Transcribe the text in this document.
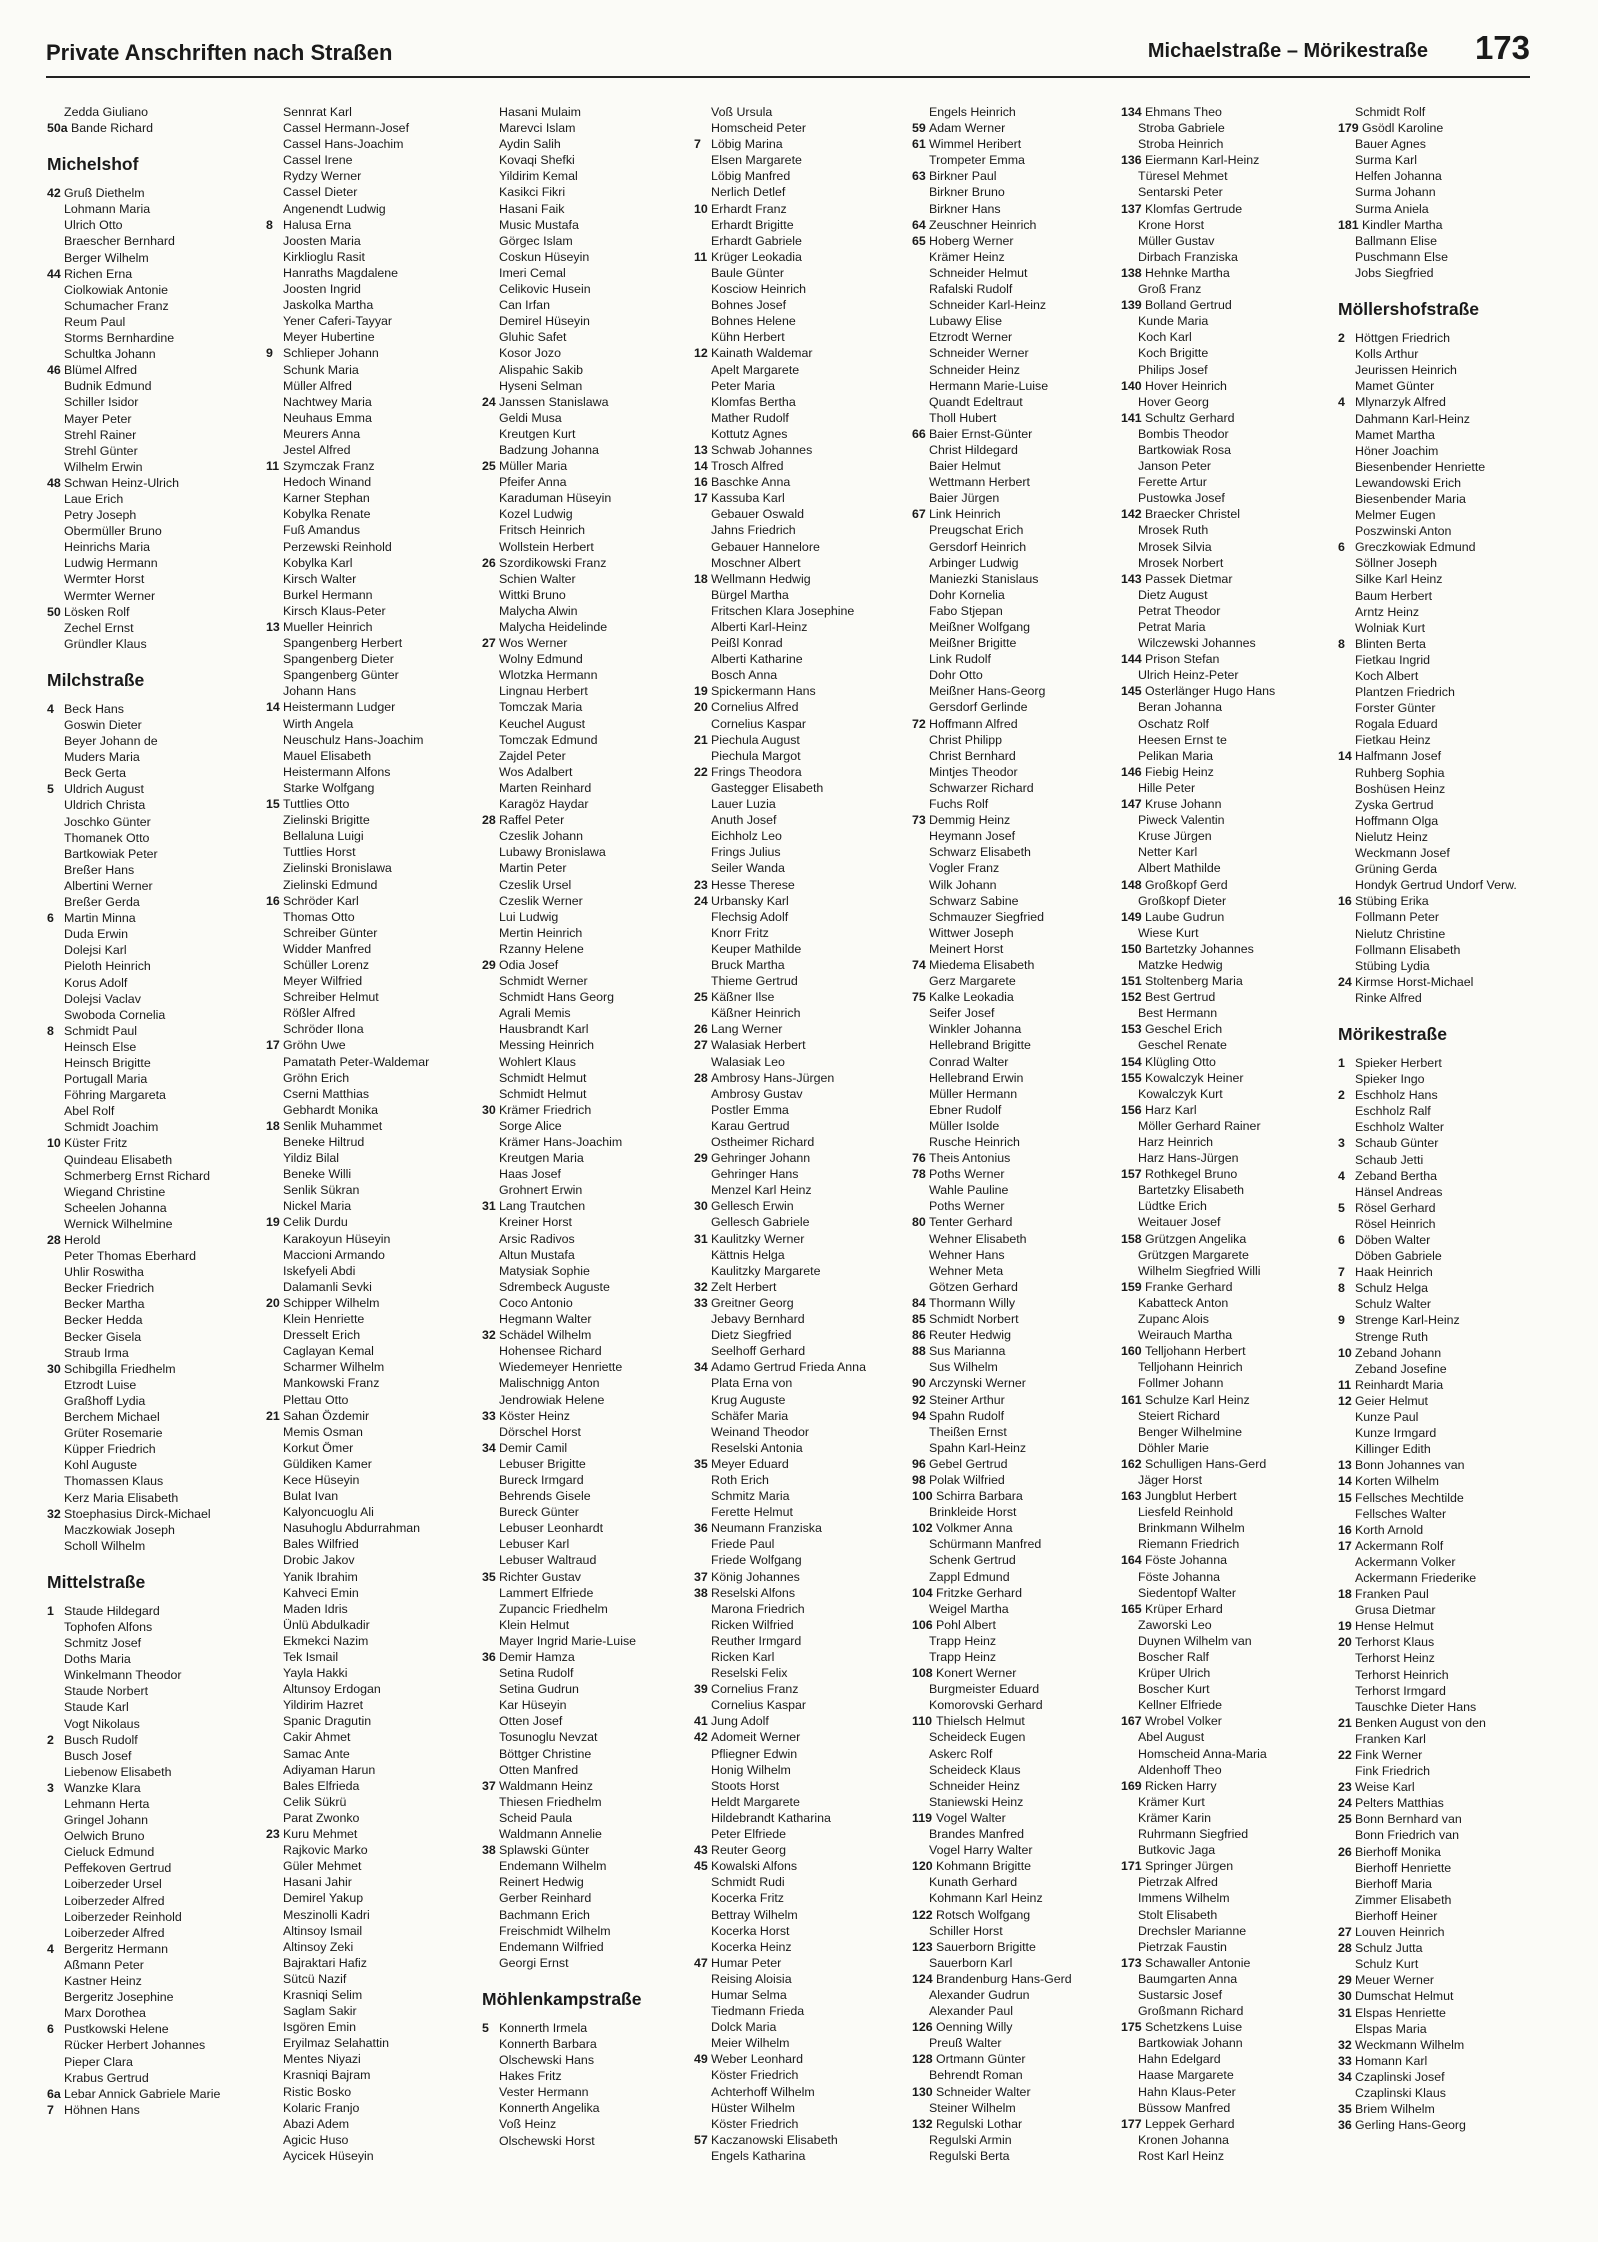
Private Anschriften nach Straßen	Michaelstraße – Mörikestraße 173
Zedda Giuliano
50a Bande Richard
Michelshof
42 Gruß Diethelm
Lohmann Maria
Ulrich Otto
Braescher Bernhard
Berger Wilhelm
44 Richen Erna
Ciolkowiak Antonie
Schumacher Franz
Reum Paul
Storms Bernhardine
Schultka Johann
46 Blümel Alfred
Budnik Edmund
Schiller Isidor
Mayer Peter
Strehl Rainer
Strehl Günter
Wilhelm Erwin
48 Schwan Heinz-Ulrich
Laue Erich
Petry Joseph
Obermüller Bruno
Heinrichs Maria
Ludwig Hermann
Wermter Horst
Wermter Werner
50 Lösken Rolf
Zechel Ernst
Gründler Klaus
Milchstraße
4 Beck Hans
Goswin Dieter
Beyer Johann de
Muders Maria
Beck Gerta
5 Uldrich August
Uldrich Christa
Joschko Günter
Thomanek Otto
Bartkowiak Peter
Breßer Hans
Albertini Werner
Breßer Gerda
6 Martin Minna
Duda Erwin
Dolejsi Karl
Pieloth Heinrich
Korus Adolf
Dolejsi Vaclav
Swoboda Cornelia
8 Schmidt Paul
Heinsch Else
Heinsch Brigitte
Portugall Maria
Föhring Margareta
Abel Rolf
Schmidt Joachim
10 Küster Fritz
Quindeau Elisabeth
Schmerberg Ernst Richard
Wiegand Christine
Scheelen Johanna
Wernick Wilhelmine
28 Herold
Peter Thomas Eberhard
Uhlir Roswitha
Becker Friedrich
Becker Martha
Becker Hedda
Becker Gisela
Straub Irma
30 Schibgilla Friedhelm
Etzrodt Luise
Graßhoff Lydia
Berchem Michael
Grüter Rosemarie
Küpper Friedrich
Kohl Auguste
Thomassen Klaus
Kerz Maria Elisabeth
32 Stoephasius Dirck-Michael
Maczkowiak Joseph
Scholl Wilhelm
Mittelstraße
1 Staude Hildegard
Tophofen Alfons
Schmitz Josef
Doths Maria
Winkelmann Theodor
Staude Norbert
Staude Karl
Vogt Nikolaus
2 Busch Rudolf
Busch Josef
Liebenow Elisabeth
3 Wanzke Klara
Lehmann Herta
Gringel Johann
Oelwich Bruno
Cieluck Edmund
Peffekoven Gertrud
Loiberzeder Ursel
Loiberzeder Alfred
Loiberzeder Reinhold
Loiberzeder Alfred
4 Bergeritz Hermann
Aßmann Peter
Kastner Heinz
Bergeritz Josephine
Marx Dorothea
6 Pustkowski Helene
Rücker Herbert Johannes
Pieper Clara
Krabus Gertrud
6a Lebar Annick Gabriele Marie
7 Höhnen Hans
Sennrat Karl
Cassel Hermann-Josef
Cassel Hans-Joachim
Cassel Irene
Rydzy Werner
Cassel Dieter
Angenendt Ludwig
8 Halusa Erna
Joosten Maria
Kirklioglu Rasit
Hanraths Magdalene
Joosten Ingrid
Jaskolka Martha
Yener Caferi-Tayyar
Meyer Hubertine
9 Schlieper Johann
Schunk Maria
Müller Alfred
Nachtwey Maria
Neuhaus Emma
Meurers Anna
Jestel Alfred
11 Szymczak Franz
Hedoch Winand
Karner Stephan
Kobylka Renate
Fuß Amandus
Perzewski Reinhold
Kobylka Karl
Kirsch Walter
Burkel Hermann
Kirsch Klaus-Peter
13 Mueller Heinrich
Spangenberg Herbert
Spangenberg Dieter
Spangenberg Günter
Johann Hans
14 Heistermann Ludger
Wirth Angela
Neuschulz Hans-Joachim
Mauel Elisabeth
Heistermann Alfons
Starke Wolfgang
15 Tuttlies Otto
Zielinski Brigitte
Bellaluna Luigi
Tuttlies Horst
Zielinski Bronislawa
Zielinski Edmund
16 Schröder Karl
Thomas Otto
Schreiber Günter
Widder Manfred
Schüller Lorenz
Meyer Wilfried
Schreiber Helmut
Rößler Alfred
Schröder Ilona
17 Gröhn Uwe
Pamatath Peter-Waldemar
Gröhn Erich
Cserni Matthias
Gebhardt Monika
18 Senlik Muhammet
Beneke Hiltrud
Yildiz Bilal
Beneke Willi
Senlik Sükran
Nickel Maria
19 Celik Durdu
Karakoyun Hüseyin
Maccioni Armando
Iskefyeli Abdi
Dalamanli Sevki
20 Schipper Wilhelm
Klein Henriette
Dresselt Erich
Caglayan Kemal
Scharmer Wilhelm
Mankowski Franz
Plettau Otto
21 Sahan Özdemir
Memis Osman
Korkut Ömer
Güldiken Kamer
Kece Hüseyin
Bulat Ivan
Kalyoncuoglu Ali
Nasuhoglu Abdurrahman
Bales Wilfried
Drobic Jakov
Yanik Ibrahim
Kahveci Emin
Maden Idris
Ünlü Abdulkadir
Ekmekci Nazim
Tek Ismail
Yayla Hakki
Altunsoy Erdogan
Yildirim Hazret
Spanic Dragutin
Cakir Ahmet
Samac Ante
Adiyaman Harun
Bales Elfrieda
Celik Sükrü
Parat Zwonko
23 Kuru Mehmet
Rajkovic Marko
Güler Mehmet
Hasani Jahir
Demirel Yakup
Meszinolli Kadri
Altinsoy Ismail
Altinsoy Zeki
Bajraktari Hafiz
Sütcü Nazif
Krasniqi Selim
Saglam Sakir
Isgören Emin
Eryilmaz Selahattin
Mentes Niyazi
Krasniqi Bajram
Ristic Bosko
Kolaric Franjo
Abazi Adem
Agicic Huso
Aycicek Hüseyin
Hasani Mulaim
Marevci Islam
Aydin Salih
Kovaqi Shefki
Yildirim Kemal
Kasikci Fikri
Hasani Faik
Music Mustafa
Görgec Islam
Coskun Hüseyin
Imeri Cemal
Celikovic Husein
Can Irfan
Demirel Hüseyin
Gluhic Safet
Kosor Jozo
Alispahic Sakib
Hyseni Selman
24 Janssen Stanislawa
Geldi Musa
Kreutgen Kurt
Badzung Johanna
25 Müller Maria
Pfeifer Anna
Karaduman Hüseyin
Kozel Ludwig
Fritsch Heinrich
Wollstein Herbert
26 Szordikowski Franz
Schien Walter
Wittki Bruno
Malycha Alwin
Malycha Heidelinde
27 Wos Werner
Wolny Edmund
Wlotzka Hermann
Lingnau Herbert
Tomczak Maria
Keuchel August
Tomczak Edmund
Zajdel Peter
Wos Adalbert
Marten Reinhard
Karagöz Haydar
28 Raffel Peter
Czeslik Johann
Lubawy Bronislawa
Martin Peter
Czeslik Ursel
Czeslik Werner
Lui Ludwig
Mertin Heinrich
Rzanny Helene
29 Odia Josef
Schmidt Werner
Schmidt Hans Georg
Agrali Memis
Hausbrandt Karl
Messing Heinrich
Wohlert Klaus
Schmidt Helmut
Schmidt Helmut
30 Krämer Friedrich
Sorge Alice
Krämer Hans-Joachim
Kreutgen Maria
Haas Josef
Grohnert Erwin
31 Lang Trautchen
Kreiner Horst
Arsic Radivos
Altun Mustafa
Matysiak Sophie
Sdrembeck Auguste
Coco Antonio
Hegmann Walter
32 Schädel Wilhelm
Hohensee Richard
Wiedemeyer Henriette
Malischnigg Anton
Jendrowiak Helene
33 Köster Heinz
Dörschel Horst
34 Demir Camil
Lebuser Brigitte
Bureck Irmgard
Behrends Gisele
Bureck Günter
Lebuser Leonhardt
Lebuser Karl
Lebuser Waltraud
35 Richter Gustav
Lammert Elfriede
Zupancic Friedhelm
Klein Helmut
Mayer Ingrid Marie-Luise
36 Demir Hamza
Setina Rudolf
Setina Gudrun
Kar Hüseyin
Otten Josef
Tosunoglu Nevzat
Böttger Christine
Otten Manfred
37 Waldmann Heinz
Thiesen Friedhelm
Scheid Paula
Waldmann Annelie
38 Splawski Günter
Endemann Wilhelm
Reinert Hedwig
Gerber Reinhard
Bachmann Erich
Freischmidt Wilhelm
Endemann Wilfried
Georgi Ernst
Möhlenkampstraße
5 Konnerth Irmela
Konnerth Barbara
Olschewski Hans
Hakes Fritz
Vester Hermann
Konnerth Angelika
Voß Heinz
Olschewski Horst
Voß Ursula
Homscheid Peter
7 Löbig Marina
Elsen Margarete
Löbig Manfred
Nerlich Detlef
10 Erhardt Franz
Erhardt Brigitte
Erhardt Gabriele
11 Krüger Leokadia
Baule Günter
Kosciow Heinrich
Bohnes Josef
Bohnes Helene
Kühn Herbert
12 Kainath Waldemar
Apelt Margarete
Peter Maria
Klomfas Bertha
Mather Rudolf
Kottutz Agnes
13 Schwab Johannes
14 Trosch Alfred
16 Baschke Anna
17 Kassuba Karl
Gebauer Oswald
Jahns Friedrich
Gebauer Hannelore
Moschner Albert
18 Wellmann Hedwig
Bürgel Martha
Fritschen Klara Josephine
Alberti Karl-Heinz
Peißl Konrad
Alberti Katharine
Bosch Anna
19 Spickermann Hans
20 Cornelius Alfred
Cornelius Kaspar
21 Piechula August
Piechula Margot
22 Frings Theodora
Gastegger Elisabeth
Lauer Luzia
Anuth Josef
Eichholz Leo
Frings Julius
Seiler Wanda
23 Hesse Therese
24 Urbansky Karl
Flechsig Adolf
Knorr Fritz
Keuper Mathilde
Bruck Martha
Thieme Gertrud
25 Käßner Ilse
Käßner Heinrich
26 Lang Werner
27 Walasiak Herbert
Walasiak Leo
28 Ambrosy Hans-Jürgen
Ambrosy Gustav
Postler Emma
Karau Gertrud
Ostheimer Richard
29 Gehringer Johann
Gehringer Hans
Menzel Karl Heinz
30 Gellesch Erwin
Gellesch Gabriele
31 Kaulitzky Werner
Kättnis Helga
Kaulitzky Margarete
32 Zelt Herbert
33 Greitner Georg
Jebavy Bernhard
Dietz Siegfried
Seelhoff Gerhard
34 Adamo Gertrud Frieda Anna
Plata Erna von
Krug Auguste
Schäfer Maria
Weinand Theodor
Reselski Antonia
35 Meyer Eduard
Roth Erich
Schmitz Maria
Ferette Helmut
36 Neumann Franziska
Friede Paul
Friede Wolfgang
37 König Johannes
38 Reselski Alfons
Marona Friedrich
Ricken Wilfried
Reuther Irmgard
Ricken Karl
Reselski Felix
39 Cornelius Franz
Cornelius Kaspar
41 Jung Adolf
42 Adomeit Werner
Pfliegner Edwin
Honig Wilhelm
Stoots Horst
Heldt Margarete
Hildebrandt Katharina
Peter Elfriede
43 Reuter Georg
45 Kowalski Alfons
Schmidt Rudi
Kocerka Fritz
Bettray Wilhelm
Kocerka Horst
Kocerka Heinz
47 Humar Peter
Reising Aloisia
Humar Selma
Tiedmann Frieda
Dolck Maria
Meier Wilhelm
49 Weber Leonhard
Köster Friedrich
Achterhoff Wilhelm
Hüster Wilhelm
Köster Friedrich
57 Kaczanowski Elisabeth
Engels Katharina
Engels Heinrich
59 Adam Werner
61 Wimmel Heribert
Trompeter Emma
63 Birkner Paul
Birkner Bruno
Birkner Hans
64 Zeuschner Heinrich
65 Hoberg Werner
Krämer Heinz
Schneider Helmut
Rafalski Rudolf
Schneider Karl-Heinz
Lubawy Elise
Etzrodt Werner
Schneider Werner
Schneider Heinz
Hermann Marie-Luise
Quandt Edeltraut
Tholl Hubert
66 Baier Ernst-Günter
Christ Hildegard
Baier Helmut
Wettmann Herbert
Baier Jürgen
67 Link Heinrich
Preugschat Erich
Gersdorf Heinrich
Arbinger Ludwig
Maniezki Stanislaus
Dohr Kornelia
Fabo Stjepan
Meißner Wolfgang
Meißner Brigitte
Link Rudolf
Dohr Otto
Meißner Hans-Georg
Gersdorf Gerlinde
72 Hoffmann Alfred
Christ Philipp
Christ Bernhard
Mintjes Theodor
Schwarzer Richard
Fuchs Rolf
73 Demmig Heinz
Heymann Josef
Schwarz Elisabeth
Vogler Franz
Wilk Johann
Schwarz Sabine
Schmauzer Siegfried
Wittwer Joseph
Meinert Horst
74 Miedema Elisabeth
Gerz Margarete
75 Kalke Leokadia
Seifer Josef
Winkler Johanna
Hellebrand Brigitte
Conrad Walter
Hellebrand Erwin
Müller Hermann
Ebner Rudolf
Müller Isolde
Rusche Heinrich
76 Theis Antonius
78 Poths Werner
Wahle Pauline
Poths Werner
80 Tenter Gerhard
Wehner Elisabeth
Wehner Hans
Wehner Meta
Götzen Gerhard
84 Thormann Willy
85 Schmidt Norbert
86 Reuter Hedwig
88 Sus Marianna
Sus Wilhelm
90 Arczynski Werner
92 Steiner Arthur
94 Spahn Rudolf
Theißen Ernst
Spahn Karl-Heinz
96 Gebel Gertrud
98 Polak Wilfried
100 Schirra Barbara
Brinkleide Horst
102 Volkmer Anna
Schürmann Manfred
Schenk Gertrud
Zappl Edmund
104 Fritzke Gerhard
Weigel Martha
106 Pohl Albert
Trapp Heinz
Trapp Heinz
108 Konert Werner
Burgmeister Eduard
Komorovski Gerhard
110 Thielsch Helmut
Scheideck Eugen
Askerc Rolf
Scheideck Klaus
Schneider Heinz
Staniewski Heinz
119 Vogel Walter
Brandes Manfred
Vogel Harry Walter
120 Kohmann Brigitte
Kunath Gerhard
Kohmann Karl Heinz
122 Rotsch Wolfgang
Schiller Horst
123 Sauerborn Brigitte
Sauerborn Karl
124 Brandenburg Hans-Gerd
Alexander Gudrun
Alexander Paul
126 Oenning Willy
Preuß Walter
128 Ortmann Günter
Behrendt Roman
130 Schneider Walter
Steiner Wilhelm
132 Regulski Lothar
Regulski Armin
Regulski Berta
134 Ehmans Theo
Stroba Gabriele
Stroba Heinrich
136 Eiermann Karl-Heinz
Türesel Mehmet
Sentarski Peter
137 Klomfas Gertrude
Krone Horst
Müller Gustav
Dirbach Franziska
138 Hehnke Martha
Groß Franz
139 Bolland Gertrud
Kunde Maria
Koch Karl
Koch Brigitte
Philips Josef
140 Hover Heinrich
Hover Georg
141 Schultz Gerhard
Bombis Theodor
Bartkowiak Rosa
Janson Peter
Ferette Artur
Pustowka Josef
142 Braecker Christel
Mrosek Ruth
Mrosek Silvia
Mrosek Norbert
143 Passek Dietmar
Dietz August
Petrat Theodor
Petrat Maria
Wilczewski Johannes
144 Prison Stefan
Ulrich Heinz-Peter
145 Osterlänger Hugo Hans
Beran Johanna
Oschatz Rolf
Heesen Ernst te
Pelikan Maria
146 Fiebig Heinz
Hille Peter
147 Kruse Johann
Piweck Valentin
Kruse Jürgen
Netter Karl
Albert Mathilde
148 Großkopf Gerd
Großkopf Dieter
149 Laube Gudrun
Wiese Kurt
150 Bartetzky Johannes
Matzke Hedwig
151 Stoltenberg Maria
152 Best Gertrud
Best Hermann
153 Geschel Erich
Geschel Renate
154 Klügling Otto
155 Kowalczyk Heiner
Kowalczyk Kurt
156 Harz Karl
Möller Gerhard Rainer
Harz Heinrich
Harz Hans-Jürgen
157 Rothkegel Bruno
Bartetzky Elisabeth
Lüdtke Erich
Weitauer Josef
158 Grützgen Angelika
Grützgen Margarete
Wilhelm Siegfried Willi
159 Franke Gerhard
Kabatteck Anton
Zupanc Alois
Weirauch Martha
160 Telljohann Herbert
Telljohann Heinrich
Follmer Johann
161 Schulze Karl Heinz
Steiert Richard
Benger Wilhelmine
Döhler Marie
162 Schulligen Hans-Gerd
Jäger Horst
163 Jungblut Herbert
Liesfeld Reinhold
Brinkmann Wilhelm
Riemann Friedrich
164 Föste Johanna
Föste Johanna
Siedentopf Walter
165 Krüper Erhard
Zaworski Leo
Duynen Wilhelm van
Boscher Ralf
Krüper Ulrich
Boscher Kurt
Kellner Elfriede
167 Wrobel Volker
Abel August
Homscheid Anna-Maria
Aldenhoff Theo
169 Ricken Harry
Krämer Kurt
Krämer Karin
Ruhrmann Siegfried
Butkovic Jaga
171 Springer Jürgen
Pietrzak Alfred
Immens Wilhelm
Stolt Elisabeth
Drechsler Marianne
Pietrzak Faustin
173 Schawaller Antonie
Baumgarten Anna
Sustarsic Josef
Großmann Richard
175 Schetzkens Luise
Bartkowiak Johann
Hahn Edelgard
Haase Margarete
Hahn Klaus-Peter
Büssow Manfred
177 Leppek Gerhard
Kronen Johanna
Rost Karl Heinz
Schmidt Rolf
179 Gsödl Karoline
Bauer Agnes
Surma Karl
Helfen Johanna
Surma Johann
Surma Aniela
181 Kindler Martha
Ballmann Elise
Puschmann Else
Jobs Siegfried
Möllershofstraße
2 Höttgen Friedrich
Kolls Arthur
Jeurissen Heinrich
Mamet Günter
4 Mlynarzyk Alfred
Dahmann Karl-Heinz
Mamet Martha
Höner Joachim
Biesenbender Henriette
Lewandowski Erich
Biesenbender Maria
Melmer Eugen
Poszwinski Anton
6 Greczkowiak Edmund
Söllner Joseph
Silke Karl Heinz
Baum Herbert
Arntz Heinz
Wolniak Kurt
8 Blinten Berta
Fietkau Ingrid
Koch Albert
Plantzen Friedrich
Forster Günter
Rogala Eduard
Fietkau Heinz
14 Halfmann Josef
Ruhberg Sophia
Boshüsen Heinz
Zyska Gertrud
Hoffmann Olga
Nielutz Heinz
Weckmann Josef
Grüning Gerda
Hondyk Gertrud Undorf Verw.
16 Stübing Erika
Follmann Peter
Nielutz Christine
Follmann Elisabeth
Stübing Lydia
24 Kirmse Horst-Michael
Rinke Alfred
Mörikestraße
1 Spieker Herbert
Spieker Ingo
2 Eschholz Hans
Eschholz Ralf
Eschholz Walter
3 Schaub Günter
Schaub Jetti
4 Zeband Bertha
Hänsel Andreas
5 Rösel Gerhard
Rösel Heinrich
6 Döben Walter
Döben Gabriele
7 Haak Heinrich
8 Schulz Helga
Schulz Walter
9 Strenge Karl-Heinz
Strenge Ruth
10 Zeband Johann
Zeband Josefine
11 Reinhardt Maria
12 Geier Helmut
Kunze Paul
Kunze Irmgard
Killinger Edith
13 Bonn Johannes van
14 Korten Wilhelm
15 Fellsches Mechtilde
Fellsches Walter
16 Korth Arnold
17 Ackermann Rolf
Ackermann Volker
Ackermann Friederike
18 Franken Paul
Grusa Dietmar
19 Hense Helmut
20 Terhorst Klaus
Terhorst Heinz
Terhorst Heinrich
Terhorst Irmgard
Tauschke Dieter Hans
21 Benken August von den
Franken Karl
22 Fink Werner
Fink Friedrich
23 Weise Karl
24 Pelters Matthias
25 Bonn Bernhard van
Bonn Friedrich van
26 Bierhoff Monika
Bierhoff Henriette
Bierhoff Maria
Zimmer Elisabeth
Bierhoff Heiner
27 Louven Heinrich
28 Schulz Jutta
Schulz Kurt
29 Meuer Werner
30 Dumschat Helmut
31 Elspas Henriette
Elspas Maria
32 Weckmann Wilhelm
33 Homann Karl
34 Czaplinski Josef
Czaplinski Klaus
35 Briem Wilhelm
36 Gerling Hans-Georg
